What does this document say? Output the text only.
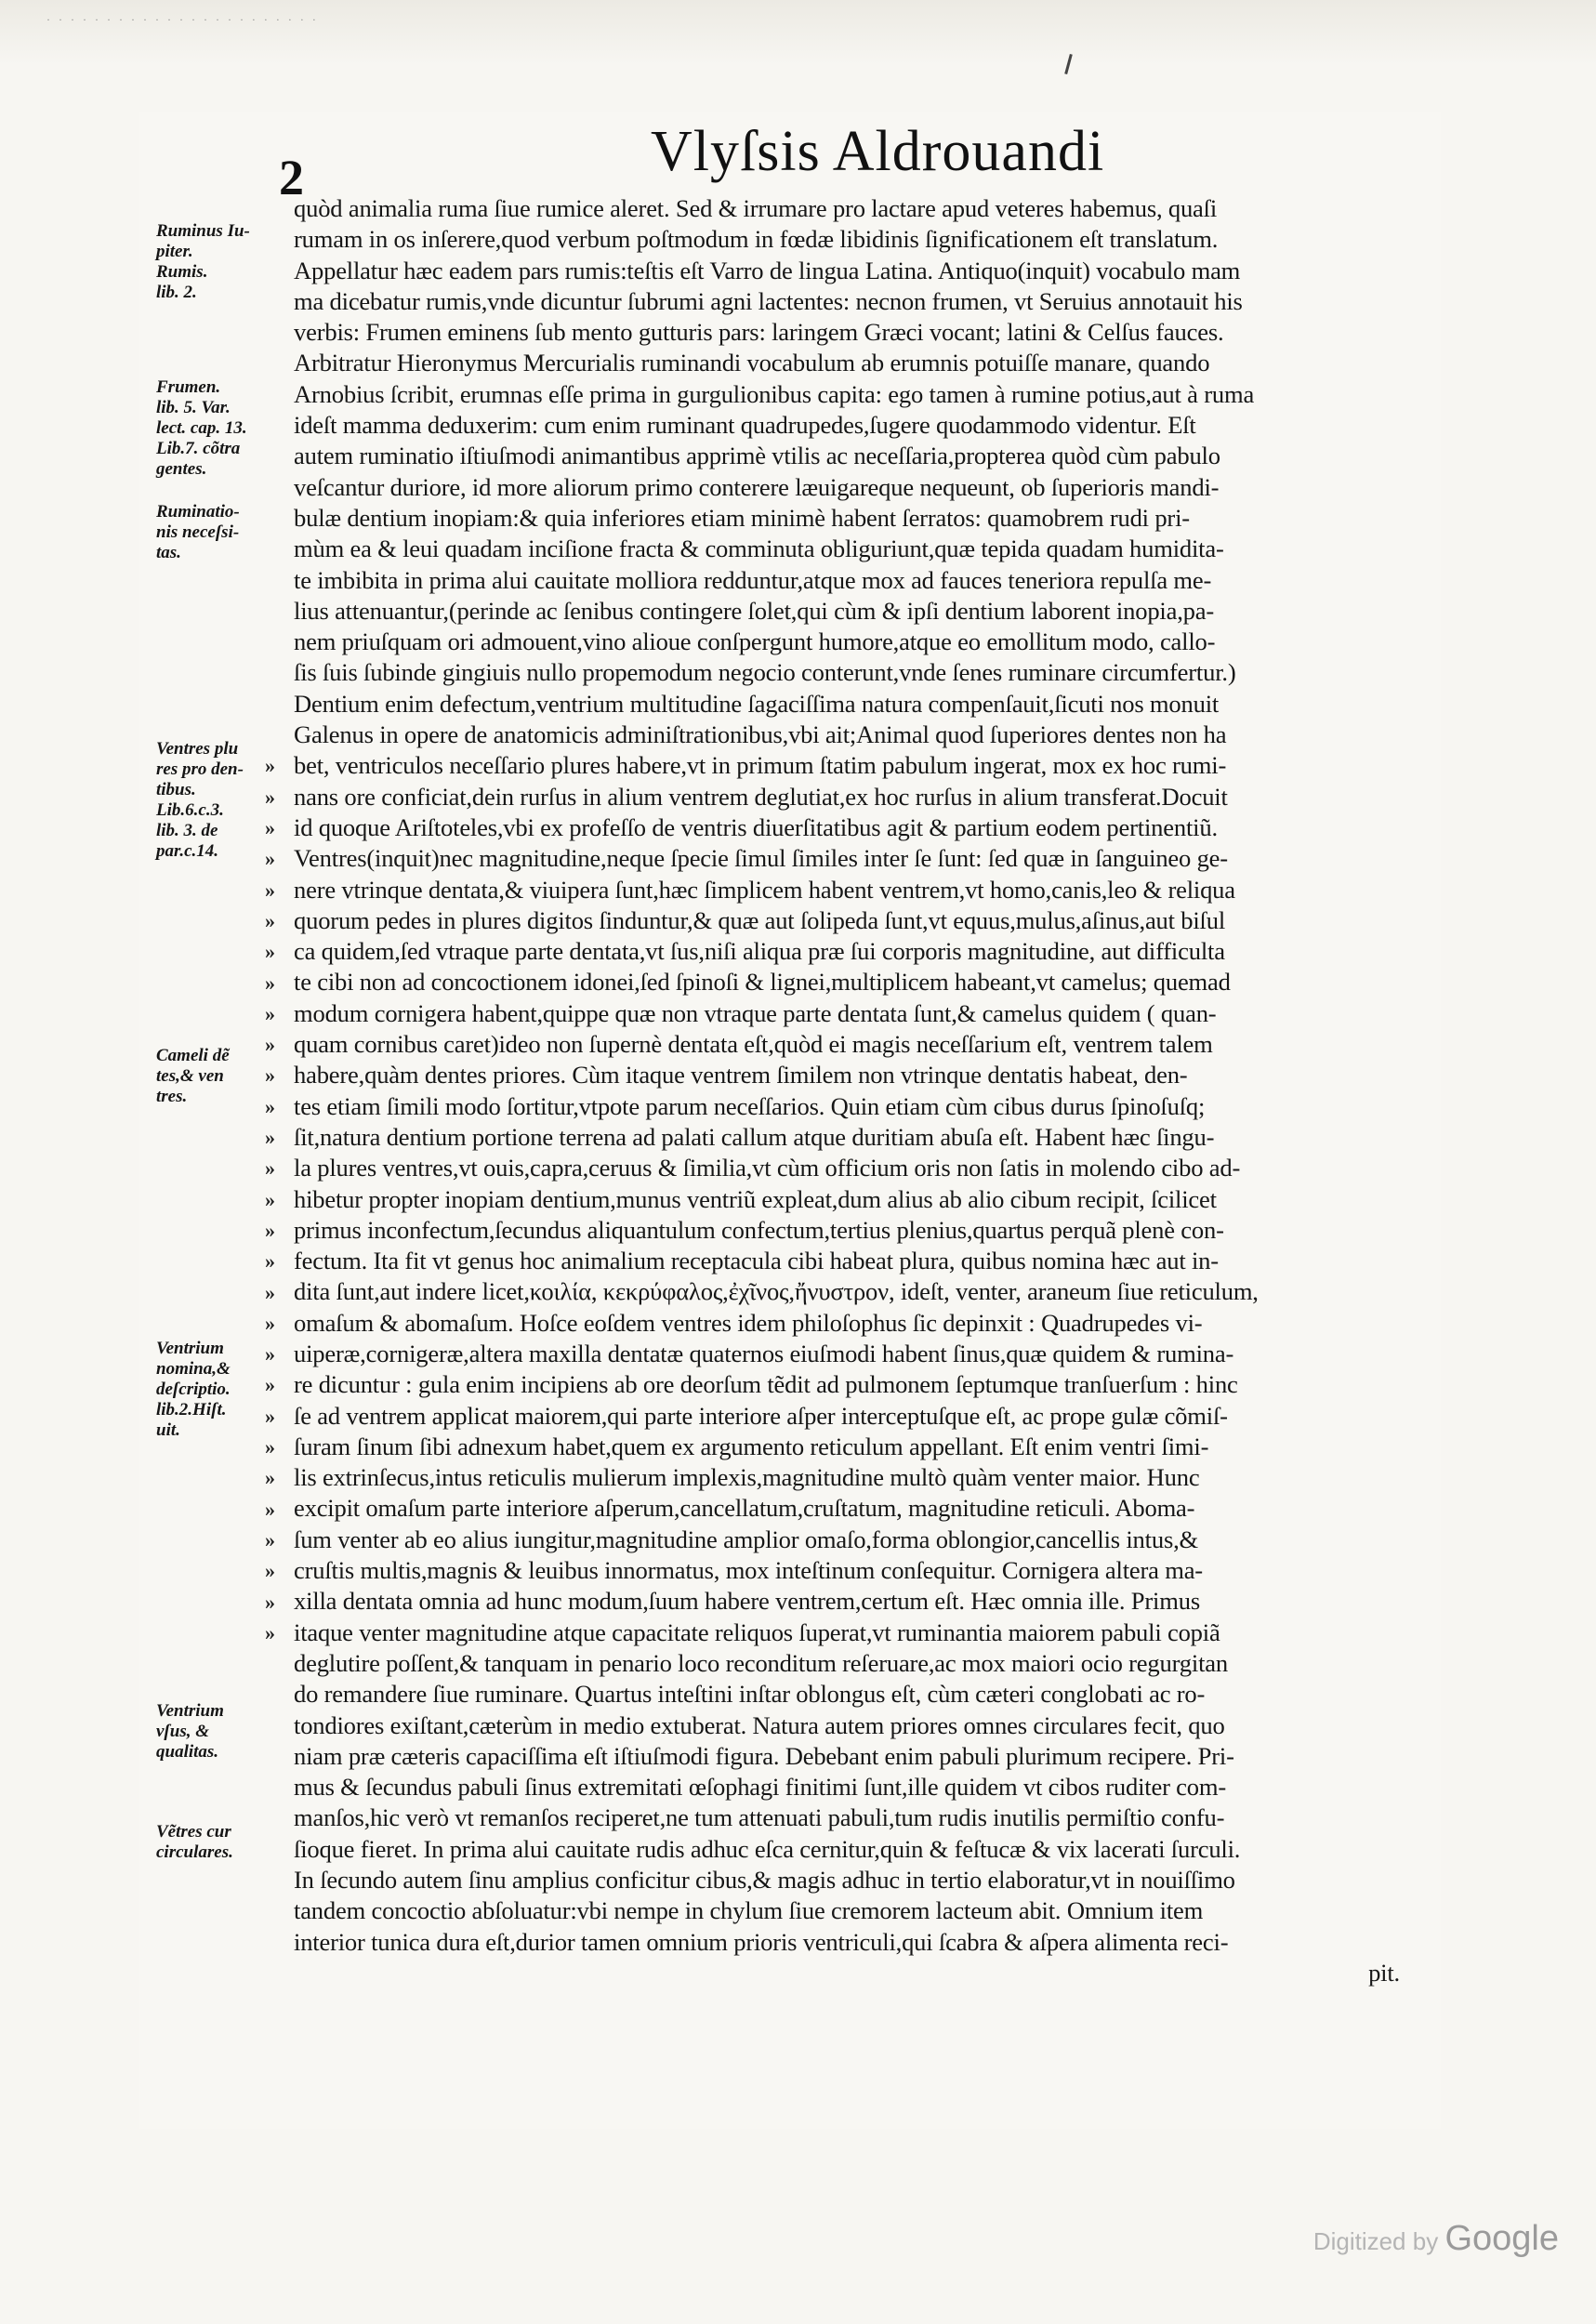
· · · · · · · · · · · · · · · · · · · · · · ·
2	Vlyſsis Aldrouandi
Ruminus Iu-
piter.
Rumis.
lib. 2.
Frumen.
lib. 5. Var.
lect. cap. 13.
Lib.7. cõtra
gentes.
Ruminatio-
nis neceſsi-
tas.
Ventres plu
res pro den-
tibus.
Lib.6.c.3.
lib. 3. de
par.c.14.
Cameli dẽ
tes,& ven
tres.
Ventrium
nomina,&
deſcriptio.
lib.2.Hiſt.
uit.
Ventrium
vſus, &
qualitas.
Vẽtres cur
circulares.
»
»
»
»
»
»
»
»
»
»
»
»
»
»
»
»
»
»
»
»
»
»
»
»
»
»
»
»
»
quòd animalia ruma ſiue rumice aleret. Sed & irrumare pro lactare apud veteres habemus, quaſi
rumam in os inſerere,quod verbum poſtmodum in fœdæ libidinis ſignificationem eſt translatum.
Appellatur hæc eadem pars rumis:teſtis eſt Varro de lingua Latina. Antiquo(inquit) vocabulo mam
ma dicebatur rumis,vnde dicuntur ſubrumi agni lactentes: necnon frumen, vt Seruius annotauit his
verbis: Frumen eminens ſub mento gutturis pars: laringem Græci vocant; latini & Celſus fauces.
Arbitratur Hieronymus Mercurialis ruminandi vocabulum ab erumnis potuiſſe manare, quando
Arnobius ſcribit, erumnas eſſe prima in gurgulionibus capita: ego tamen à rumine potius,aut à ruma
ideſt mamma deduxerim: cum enim ruminant quadrupedes,ſugere quodammodo videntur. Eſt
autem ruminatio iſtiuſmodi animantibus apprimè vtilis ac neceſſaria,propterea quòd cùm pabulo
veſcantur duriore, id more aliorum primo conterere læuigareque nequeunt, ob ſuperioris mandi-
bulæ dentium inopiam:& quia inferiores etiam minimè habent ſerratos: quamobrem rudi pri-
mùm ea & leui quadam inciſione fracta & comminuta obliguriunt,quæ tepida quadam humidita-
te imbibita in prima alui cauitate molliora redduntur,atque mox ad fauces teneriora repulſa me-
lius attenuantur,(perinde ac ſenibus contingere ſolet,qui cùm & ipſi dentium laborent inopia,pa-
nem priuſquam ori admouent,vino alioue conſpergunt humore,atque eo emollitum modo, callo-
ſis ſuis ſubinde gingiuis nullo propemodum negocio conterunt,vnde ſenes ruminare circumfertur.)
Dentium enim defectum,ventrium multitudine ſagaciſſima natura compenſauit,ſicuti nos monuit
Galenus in opere de anatomicis adminiſtrationibus,vbi ait;Animal quod ſuperiores dentes non ha
bet, ventriculos neceſſario plures habere,vt in primum ſtatim pabulum ingerat, mox ex hoc rumi-
nans ore conficiat,dein rurſus in alium ventrem deglutiat,ex hoc rurſus in alium transferat.Docuit
id quoque Ariſtoteles,vbi ex profeſſo de ventris diuerſitatibus agit & partium eodem pertinentiũ.
Ventres(inquit)nec magnitudine,neque ſpecie ſimul ſimiles inter ſe ſunt: ſed quæ in ſanguineo ge-
nere vtrinque dentata,& viuipera ſunt,hæc ſimplicem habent ventrem,vt homo,canis,leo & reliqua
quorum pedes in plures digitos ſinduntur,& quæ aut ſolipeda ſunt,vt equus,mulus,aſinus,aut biſul
ca quidem,ſed vtraque parte dentata,vt ſus,niſi aliqua præ ſui corporis magnitudine, aut difficulta
te cibi non ad concoctionem idonei,ſed ſpinoſi & lignei,multiplicem habeant,vt camelus; quemad
modum cornigera habent,quippe quæ non vtraque parte dentata ſunt,& camelus quidem ( quan-
quam cornibus caret)ideo non ſupernè dentata eſt,quòd ei magis neceſſarium eſt, ventrem talem
habere,quàm dentes priores. Cùm itaque ventrem ſimilem non vtrinque dentatis habeat, den-
tes etiam ſimili modo ſortitur,vtpote parum neceſſarios. Quin etiam cùm cibus durus ſpinoſuſq;
ſit,natura dentium portione terrena ad palati callum atque duritiam abuſa eſt. Habent hæc ſingu-
la plures ventres,vt ouis,capra,ceruus & ſimilia,vt cùm officium oris non ſatis in molendo cibo ad-
hibetur propter inopiam dentium,munus ventriũ expleat,dum alius ab alio cibum recipit, ſcilicet
primus inconfectum,ſecundus aliquantulum confectum,tertius plenius,quartus perquã plenè con-
fectum. Ita fit vt genus hoc animalium receptacula cibi habeat plura, quibus nomina hæc aut in-
dita ſunt,aut indere licet,κοιλία, κεκρύφαλος,ἐχῖνος,ἤνυστρον, ideſt, venter, araneum ſiue reticulum,
omaſum & abomaſum. Hoſce eoſdem ventres idem philoſophus ſic depinxit : Quadrupedes vi-
uiperæ,cornigeræ,altera maxilla dentatæ quaternos eiuſmodi habent ſinus,quæ quidem & rumina-
re dicuntur : gula enim incipiens ab ore deorſum tẽdit ad pulmonem ſeptumque tranſuerſum : hinc
ſe ad ventrem applicat maiorem,qui parte interiore aſper interceptuſque eſt, ac prope gulæ cõmiſ-
ſuram ſinum ſibi adnexum habet,quem ex argumento reticulum appellant. Eſt enim ventri ſimi-
lis extrinſecus,intus reticulis mulierum implexis,magnitudine multò quàm venter maior. Hunc
excipit omaſum parte interiore aſperum,cancellatum,cruſtatum, magnitudine reticuli. Aboma-
ſum venter ab eo alius iungitur,magnitudine amplior omaſo,forma oblongior,cancellis intus,&
cruſtis multis,magnis & leuibus innormatus, mox inteſtinum conſequitur. Cornigera altera ma-
xilla dentata omnia ad hunc modum,ſuum habere ventrem,certum eſt. Hæc omnia ille. Primus
itaque venter magnitudine atque capacitate reliquos ſuperat,vt ruminantia maiorem pabuli copiã
deglutire poſſent,& tanquam in penario loco reconditum reſeruare,ac mox maiori ocio regurgitan
do remandere ſiue ruminare. Quartus inteſtini inſtar oblongus eſt, cùm cæteri conglobati ac ro-
tondiores exiſtant,cæterùm in medio extuberat. Natura autem priores omnes circulares fecit, quo
niam præ cæteris capaciſſima eſt iſtiuſmodi figura. Debebant enim pabuli plurimum recipere. Pri-
mus & ſecundus pabuli ſinus extremitati œſophagi finitimi ſunt,ille quidem vt cibos ruditer com-
manſos,hic verò vt remanſos reciperet,ne tum attenuati pabuli,tum rudis inutilis permiſtio confu-
ſioque fieret. In prima alui cauitate rudis adhuc eſca cernitur,quin & feſtucæ & vix lacerati ſurculi.
In ſecundo autem ſinu amplius conficitur cibus,& magis adhuc in tertio elaboratur,vt in nouiſſimo
tandem concoctio abſoluatur:vbi nempe in chylum ſiue cremorem lacteum abit. Omnium item
interior tunica dura eſt,durior tamen omnium prioris ventriculi,qui ſcabra & aſpera alimenta reci-
pit.
Digitized by Google
